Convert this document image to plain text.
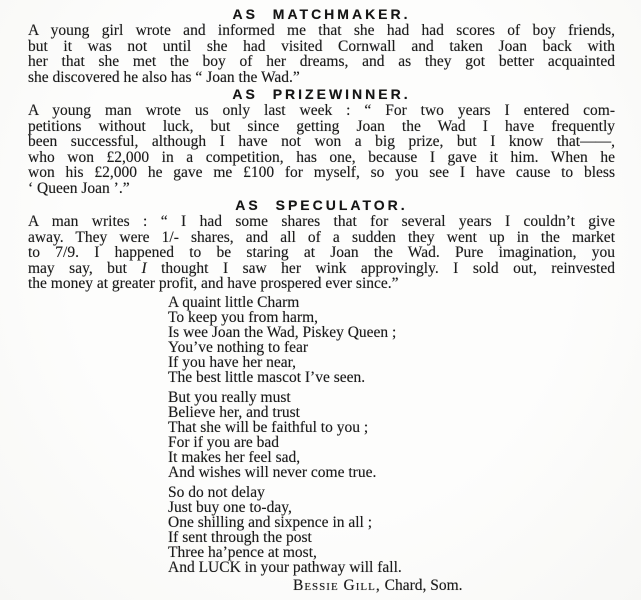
AS MATCHMAKER.
A young girl wrote and informed me that she had had scores of boy friends,
but it was not until she had visited Cornwall and taken Joan back with
her that she met the boy of her dreams, and as they got better acquainted
she discovered he also has “ Joan the Wad.”
AS PRIZEWINNER.
A young man wrote us only last week : “ For two years I entered com-
petitions without luck, but since getting Joan the Wad I have frequently
been successful, although I have not won a big prize, but I know that——,
who won £2,000 in a competition, has one, because I gave it him. When he
won his £2,000 he gave me £100 for myself, so you see I have cause to bless
‘ Queen Joan ’.”
AS SPECULATOR.
A man writes : “ I had some shares that for several years I couldn’t give
away. They were 1/- shares, and all of a sudden they went up in the market
to 7/9. I happened to be staring at Joan the Wad. Pure imagination, you
may say, but I thought I saw her wink approvingly. I sold out, reinvested
the money at greater profit, and have prospered ever since.”
A quaint little Charm
To keep you from harm,
Is wee Joan the Wad, Piskey Queen ;
You’ve nothing to fear
If you have her near,
The best little mascot I’ve seen.
But you really must
Believe her, and trust
That she will be faithful to you ;
For if you are bad
It makes her feel sad,
And wishes will never come true.
So do not delay
Just buy one to-day,
One shilling and sixpence in all ;
If sent through the post
Three ha’pence at most,
And LUCK in your pathway will fall.
Bessie Gill, Chard, Som.
